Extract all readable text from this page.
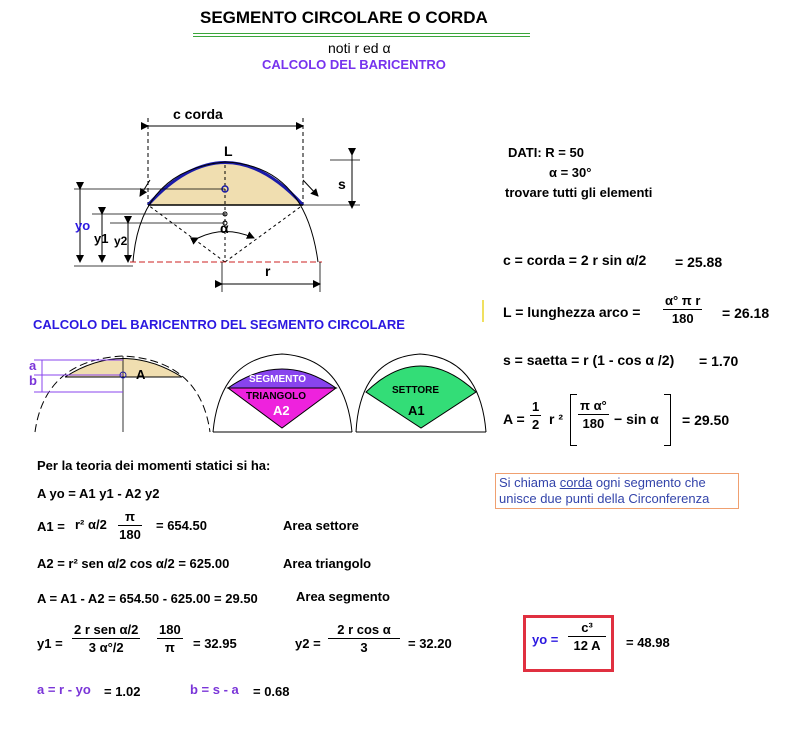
SEGMENTO CIRCOLARE O CORDA
noti r ed α
CALCOLO DEL BARICENTRO
c corda
L
s
α
yo
y1 y2
r
DATI: R = 50
α = 30°
trovare tutti gli elementi
c = corda = 2 r sin α/2 = 25.88
L = lunghezza arco =
α° π r
180 = 26.18
s = saetta = r (1 - cos α /2) = 1.70
A =
1
2 r ²
π α°
180 − sin α = 29.50
CALCOLO DEL BARICENTRO DEL SEGMENTO CIRCOLARE
a
b	A	SEGMENTO
TRIANGOLO
A2
SETTORE
A1
Si chiama corda ogni segmento che unisce due punti della Circonferenza
Per la teoria dei momenti statici si ha:
A yo = A1 y1 - A2 y2
A1 = r² α/2
π
180
= 654.50	Area settore
A2 = r² sen α/2 cos α/2 = 625.00	Area triangolo
A = A1 - A2 = 654.50 - 625.00 = 29.50	Area segmento
y1 =
2 r sen α/2
3 α°/2
180
π = 32.95	y2 =
2 r cos α
3	= 32.20	yo =
c³
12 A = 48.98
a = r - yo = 1.02	b = s - a = 0.68
